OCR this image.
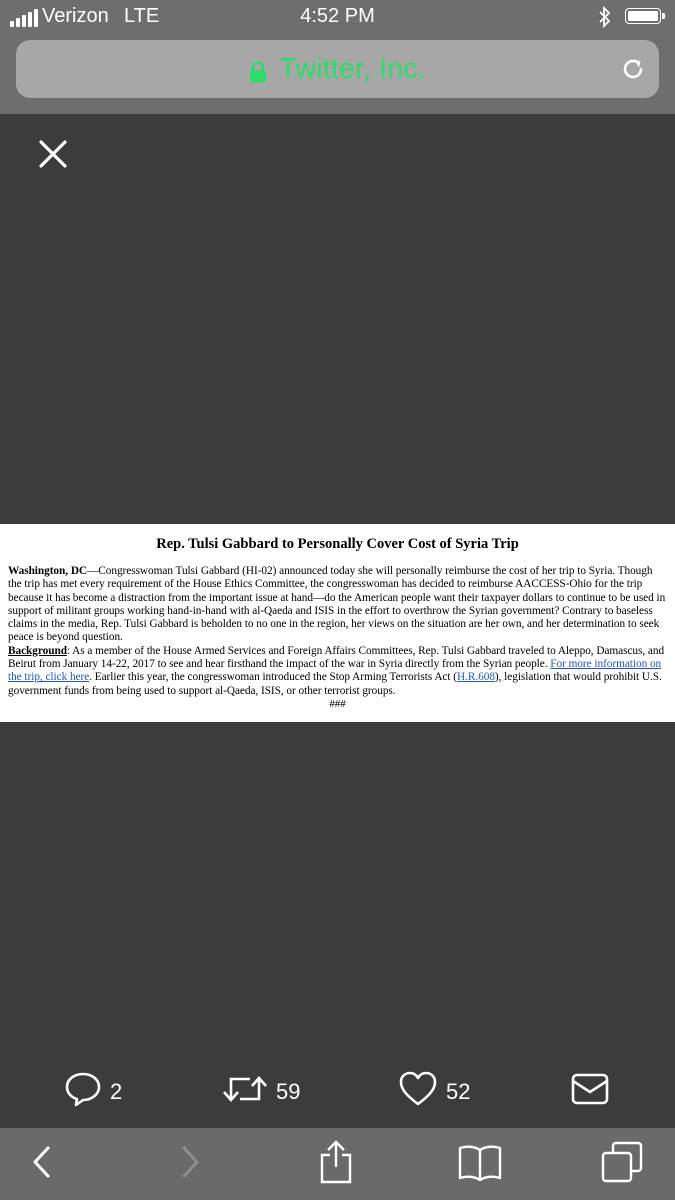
Verizon LTE	4:52 PM
Twitter, Inc.
Rep. Tulsi Gabbard to Personally Cover Cost of Syria Trip

Washington, DC—Congresswoman Tulsi Gabbard (HI-02) announced today she will personally reimburse the cost of her trip to Syria. Though the trip has met every requirement of the House Ethics Committee, the congresswoman has decided to reimburse AACCESS-Ohio for the trip because it has become a distraction from the important issue at hand—do the American people want their taxpayer dollars to continue to be used in support of militant groups working hand-in-hand with al-Qaeda and ISIS in the effort to overthrow the Syrian government? Contrary to baseless claims in the media, Rep. Tulsi Gabbard is beholden to no one in the region, her views on the situation are her own, and her determination to seek peace is beyond question.

Background: As a member of the House Armed Services and Foreign Affairs Committees, Rep. Tulsi Gabbard traveled to Aleppo, Damascus, and Beirut from January 14-22, 2017 to see and hear firsthand the impact of the war in Syria directly from the Syrian people. For more information on the trip, click here. Earlier this year, the congresswoman introduced the Stop Arming Terrorists Act (H.R.608), legislation that would prohibit U.S. government funds from being used to support al-Qaeda, ISIS, or other terrorist groups.

###
2	59	52
